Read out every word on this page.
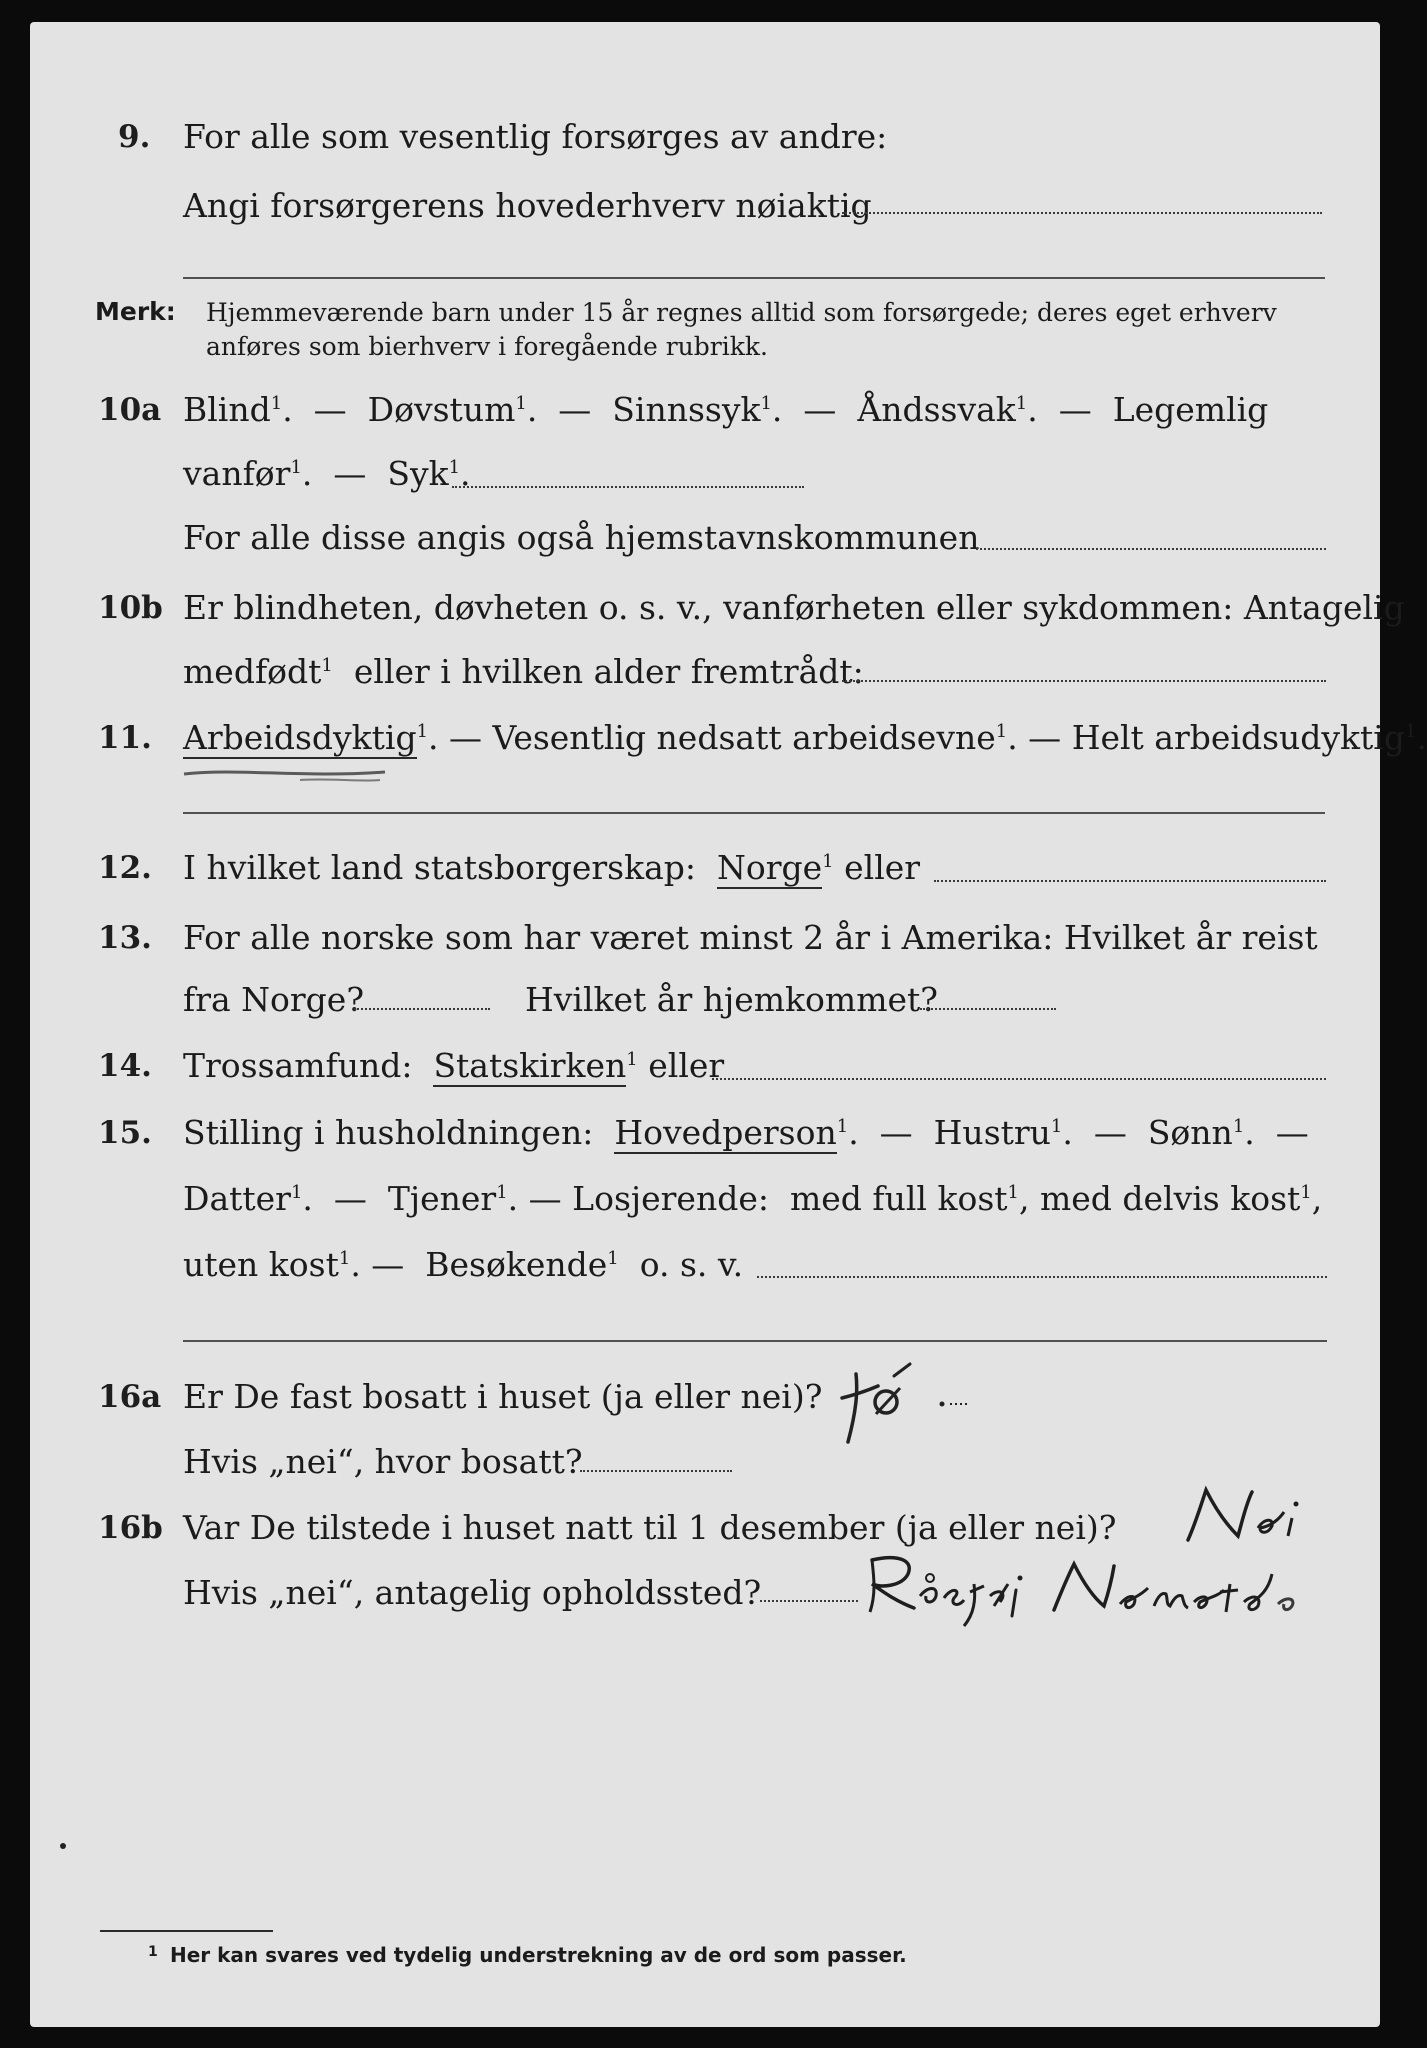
9. For alle som vesentlig forsørges av andre:
Angi forsørgerens hovederhverv nøiaktig
Merk: Hjemmeværende barn under 15 år regnes alltid som forsørgede; deres eget erhverv
anføres som bierhverv i foregående rubrikk.
10a Blind$^1$.  —  Døvstum$^1$.  —  Sinnssyk$^1$.  —  Åndssvak$^1$.  —  Legemlig
vanfør$^1$.  —  Syk$^1$.
For alle disse angis også hjemstavnskommunen
10b Er blindheten, døvheten o. s. v., vanførheten eller sykdommen: Antagelig
medfødt$^1$ eller i hvilken alder fremtrådt:
11. Arbeidsdyktig$^1$. — Vesentlig nedsatt arbeidsevne$^1$. — Helt arbeidsudyktig$^1$.
12. I hvilket land statsborgerskap: Norge$^1$ eller
13. For alle norske som har været minst 2 år i Amerika: Hvilket år reist
fra Norge?	Hvilket år hjemkommet?
14. Trossamfund: Statskirken$^1$ eller
15. Stilling i husholdningen: Hovedperson$^1$.  —  Hustru$^1$.  —  Sønn$^1$.  —
Datter$^1$.  —  Tjener$^1$. — Losjerende: med full kost$^1$, med delvis kost$^1$,
uten kost$^1$. —  Besøkende$^1$ o. s. v.
16a Er De fast bosatt i huset (ja eller nei)?
Hvis „nei“, hvor bosatt?
16b Var De tilstede i huset natt til 1 desember (ja eller nei)?
Hvis „nei“, antagelig opholdssted?
1 Her kan svares ved tydelig understrekning av de ord som passer.
